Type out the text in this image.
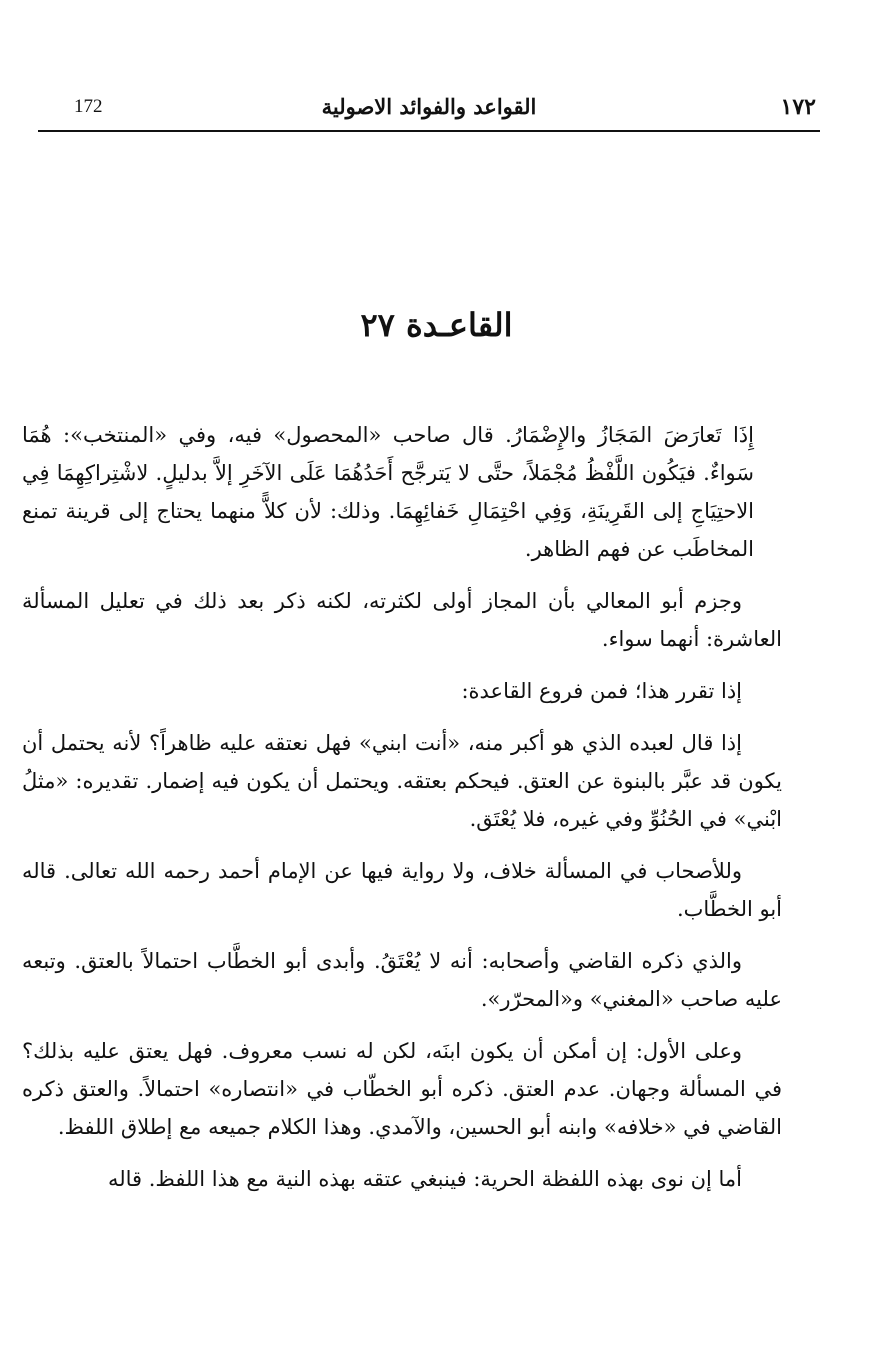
١٧٢
القواعد والفوائد الاصولية
172
القاعـدة ٢٧

إِذَا تَعارَضَ المَجَازُ والإِضْمَارُ. قال صاحب «المحصول» فيه، وفي «المنتخب»: هُمَا سَواءٌ. فيَكُون اللَّفْظُ مُجْمَلاً، حتَّى لا يَترجَّح أَحَدُهُمَا عَلَى الآخَرِ إلاَّ بدليلٍ. لاشْتِراكِهِمَا فِي الاحتِيَاجِ إلى القَرِينَةِ، وَفِي احْتِمَالِ خَفائِهِمَا. وذلك: لأن كلاًّ منهما يحتاج إلى قرينة تمنع المخاطَب عن فهم الظاهر.

وجزم أبو المعالي بأن المجاز أولى لكثرته، لكنه ذكر بعد ذلك في تعليل المسألة العاشرة: أنهما سواء.

إذا تقرر هذا؛ فمن فروع القاعدة:

إذا قال لعبده الذي هو أكبر منه، «أنت ابني» فهل نعتقه عليه ظاهراً؟ لأنه يحتمل أن يكون قد عبَّر بالبنوة عن العتق. فيحكم بعتقه. ويحتمل أن يكون فيه إضمار. تقديره: «مثلُ ابْني» في الحُنُوِّ وفي غيره، فلا يُعْتَق.

وللأصحاب في المسألة خلاف، ولا رواية فيها عن الإمام أحمد رحمه الله تعالى. قاله أبو الخطَّاب.

والذي ذكره القاضي وأصحابه: أنه لا يُعْتَقُ. وأبدى أبو الخطَّاب احتمالاً بالعتق. وتبعه عليه صاحب «المغني» و«المحرّر».

وعلى الأول: إن أمكن أن يكون ابنَه، لكن له نسب معروف. فهل يعتق عليه بذلك؟ في المسألة وجهان. عدم العتق. ذكره أبو الخطّاب في «انتصاره» احتمالاً. والعتق ذكره القاضي في «خلافه» وابنه أبو الحسين، والآمدي. وهذا الكلام جميعه مع إطلاق اللفظ.

أما إن نوى بهذه اللفظة الحرية: فينبغي عتقه بهذه النية مع هذا اللفظ. قاله
